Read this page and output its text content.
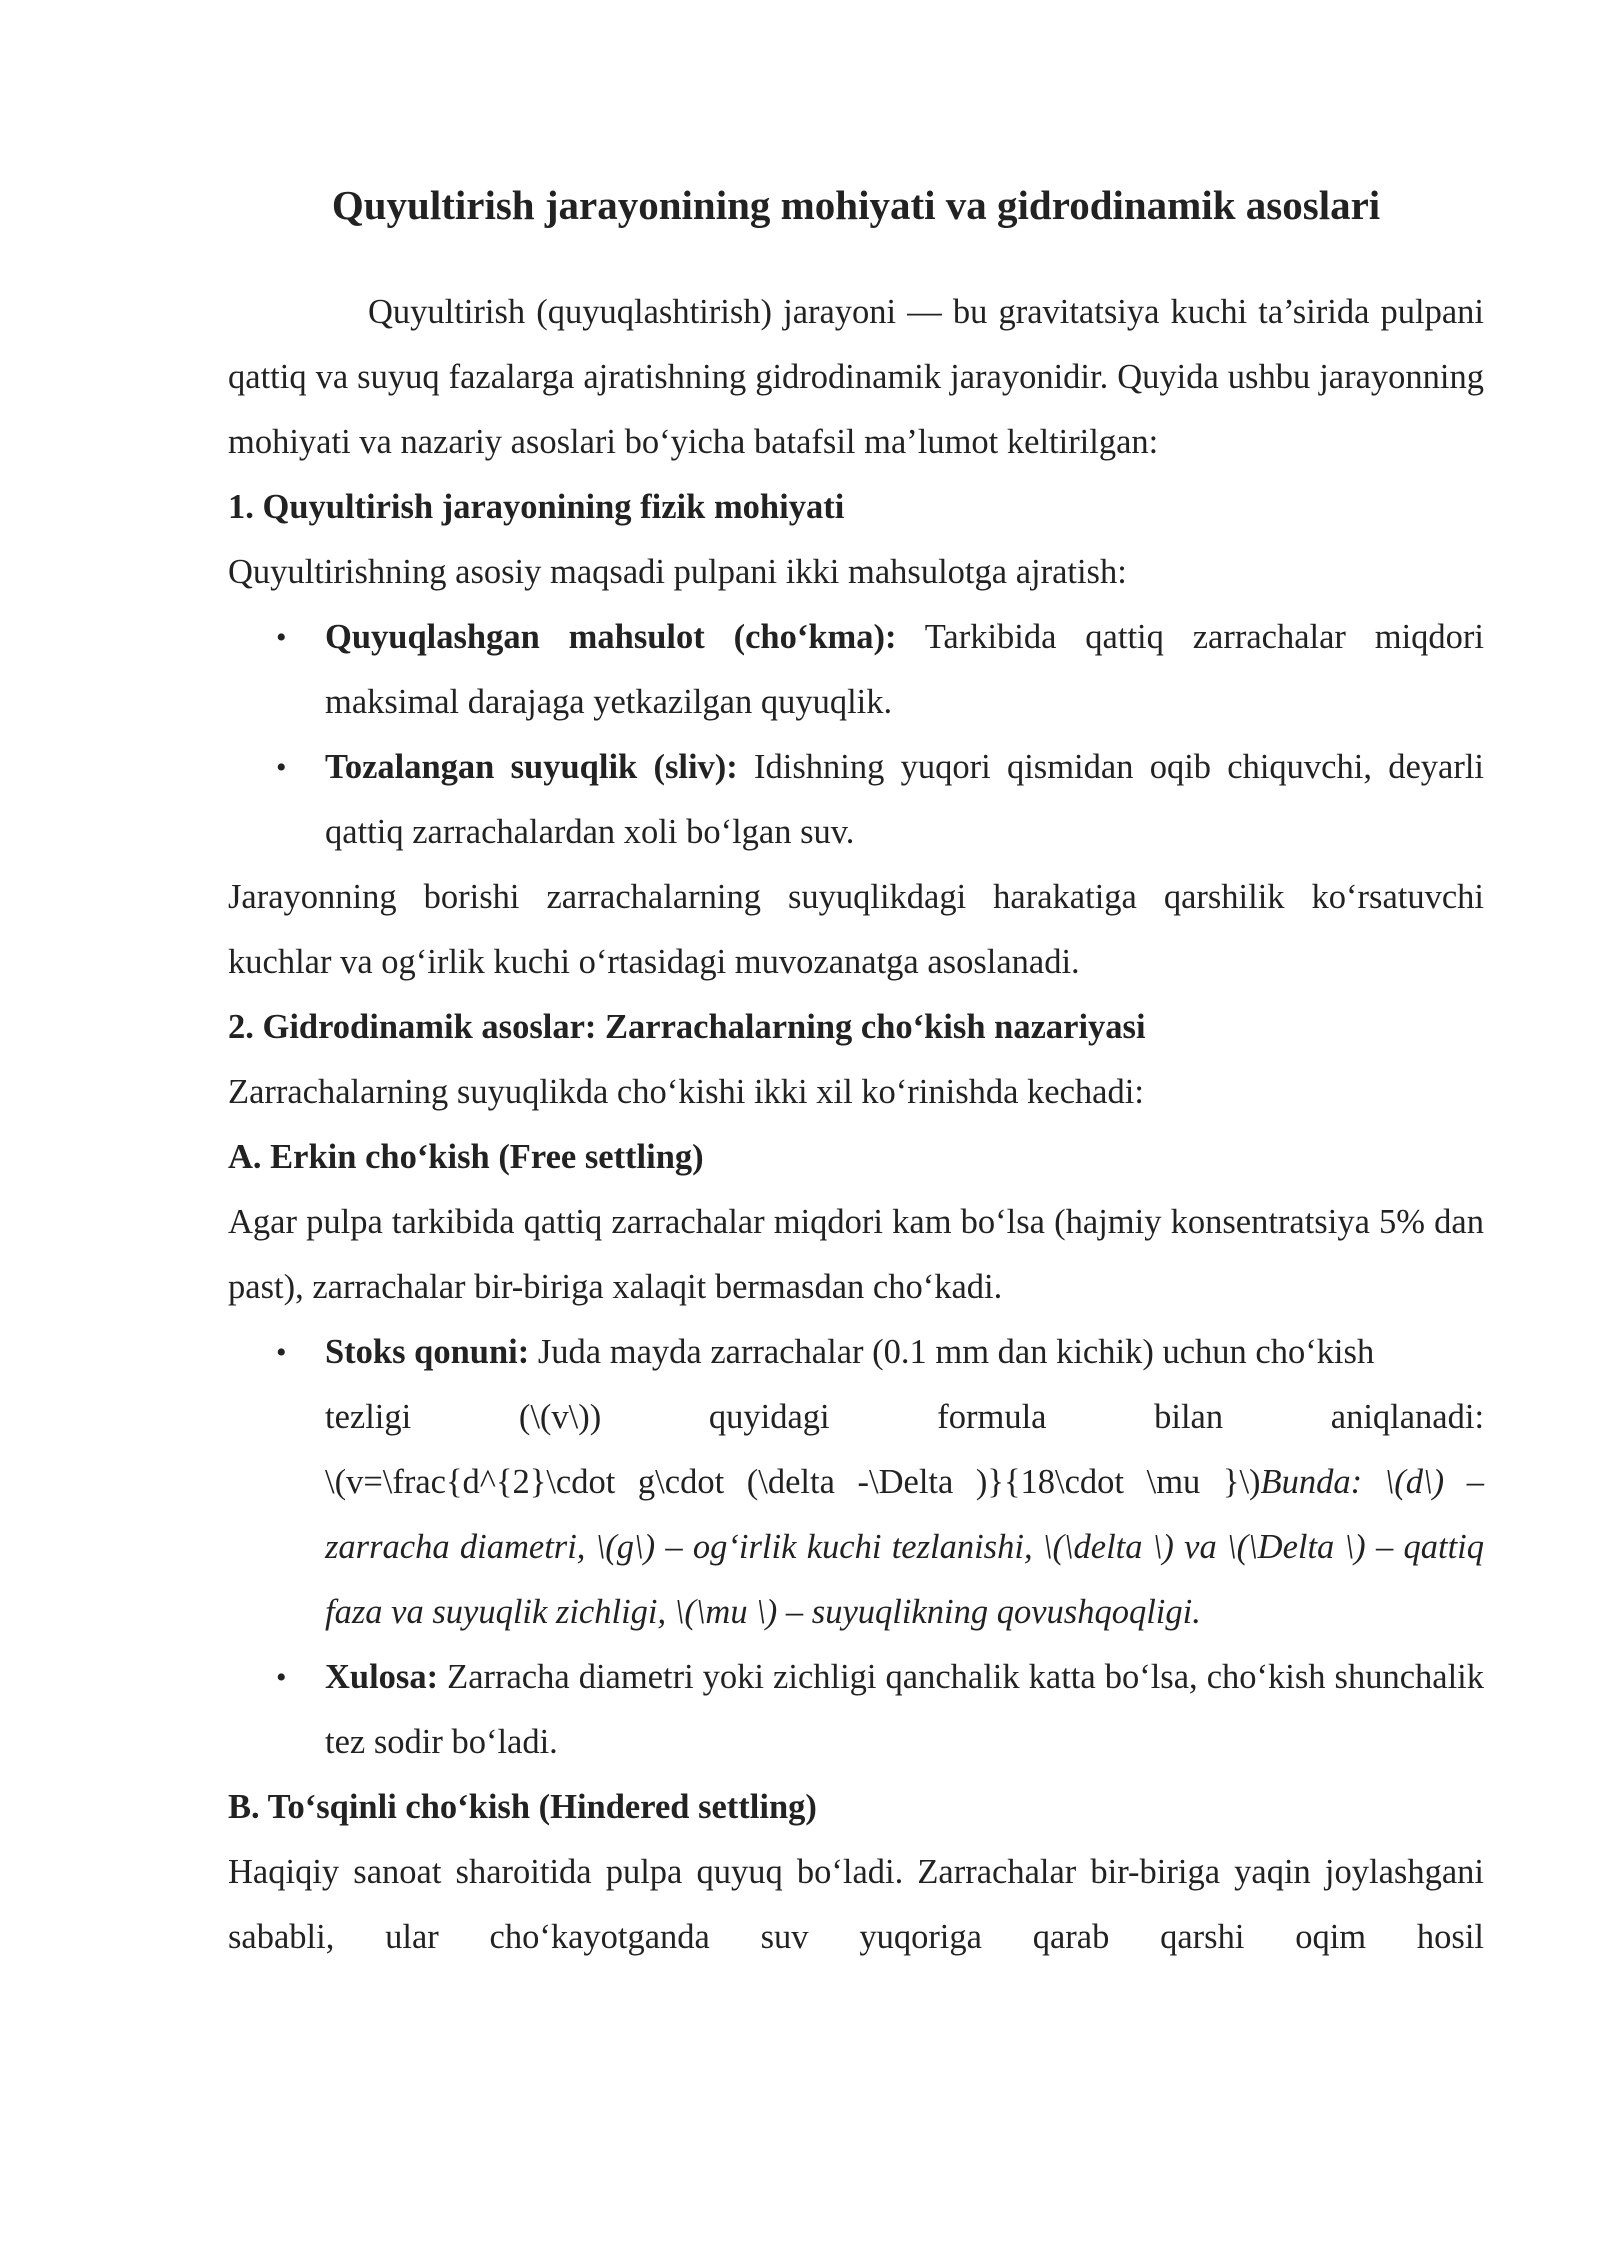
Quyultirish jarayonining mohiyati va gidrodinamik asoslari

Quyultirish (quyuqlashtirish) jarayoni — bu gravitatsiya kuchi ta’sirida pulpani qattiq va suyuq fazalarga ajratishning gidrodinamik jarayonidir. Quyida ushbu jarayonning mohiyati va nazariy asoslari bo‘yicha batafsil ma’lumot keltirilgan:

1. Quyultirish jarayonining fizik mohiyati

Quyultirishning asosiy maqsadi pulpani ikki mahsulotga ajratish:

• Quyuqlashgan mahsulot (cho‘kma): Tarkibida qattiq zarrachalar miqdori maksimal darajaga yetkazilgan quyuqlik.
• Tozalangan suyuqlik (sliv): Idishning yuqori qismidan oqib chiquvchi, deyarli qattiq zarrachalardan xoli bo‘lgan suv.

Jarayonning borishi zarrachalarning suyuqlikdagi harakatiga qarshilik ko‘rsatuvchi kuchlar va og‘irlik kuchi o‘rtasidagi muvozanatga asoslanadi.

2. Gidrodinamik asoslar: Zarrachalarning cho‘kish nazariyasi

Zarrachalarning suyuqlikda cho‘kishi ikki xil ko‘rinishda kechadi:

A. Erkin cho‘kish (Free settling)

Agar pulpa tarkibida qattiq zarrachalar miqdori kam bo‘lsa (hajmiy konsentratsiya 5% dan past), zarrachalar bir-biriga xalaqit bermasdan cho‘kadi.

• Stoks qonuni: Juda mayda zarrachalar (0.1 mm dan kichik) uchun cho‘kish
tezligi	(\(v\))	quyidagi	formula	bilan	aniqlanadi:
\(v=\frac{d^{2}\cdot g\cdot (\delta -\Delta )}{18\cdot \mu }\)Bunda: \(d\) – zarracha diametri, \(g\) – og‘irlik kuchi tezlanishi, \(\delta \) va \(\Delta \) – qattiq faza va suyuqlik zichligi, \(\mu \) – suyuqlikning qovushqoqligi.
• Xulosa: Zarracha diametri yoki zichligi qanchalik katta bo‘lsa, cho‘kish shunchalik tez sodir bo‘ladi.
B. To‘sqinli cho‘kish (Hindered settling)

Haqiqiy sanoat sharoitida pulpa quyuq bo‘ladi. Zarrachalar bir-biriga yaqin joylashgani sababli, ular cho‘kayotganda suv yuqoriga qarab qarshi oqim hosil
